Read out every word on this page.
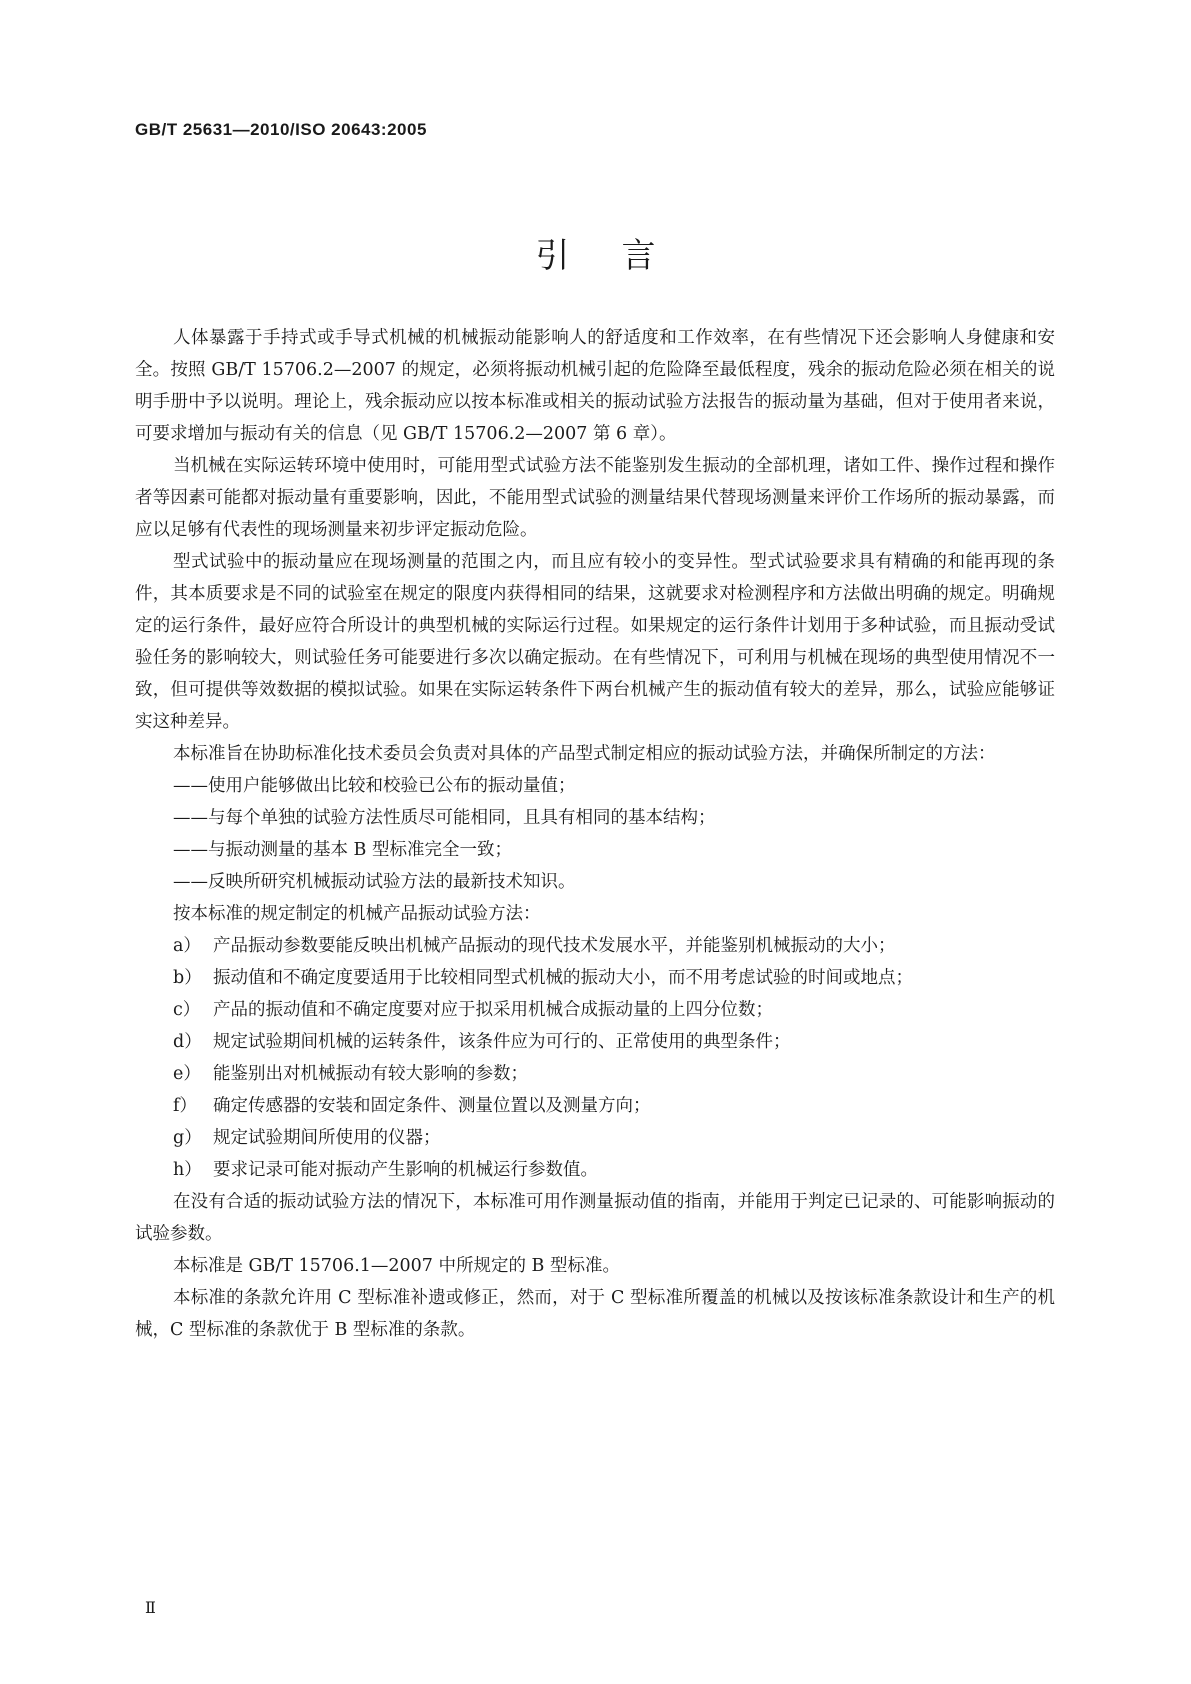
GB/T 25631—2010/ISO 20643:2005
引言

人体暴露于手持式或手导式机械的机械振动能影响人的舒适度和工作效率，在有些情况下还会影响人身健康和安全。按照 GB/T 15706.2—2007 的规定，必须将振动机械引起的危险降至最低程度，残余的振动危险必须在相关的说明手册中予以说明。理论上，残余振动应以按本标准或相关的振动试验方法报告的振动量为基础，但对于使用者来说，可要求增加与振动有关的信息（见 GB/T 15706.2—2007 第 6 章）。

当机械在实际运转环境中使用时，可能用型式试验方法不能鉴别发生振动的全部机理，诸如工件、操作过程和操作者等因素可能都对振动量有重要影响，因此，不能用型式试验的测量结果代替现场测量来评价工作场所的振动暴露，而应以足够有代表性的现场测量来初步评定振动危险。

型式试验中的振动量应在现场测量的范围之内，而且应有较小的变异性。型式试验要求具有精确的和能再现的条件，其本质要求是不同的试验室在规定的限度内获得相同的结果，这就要求对检测程序和方法做出明确的规定。明确规定的运行条件，最好应符合所设计的典型机械的实际运行过程。如果规定的运行条件计划用于多种试验，而且振动受试验任务的影响较大，则试验任务可能要进行多次以确定振动。在有些情况下，可利用与机械在现场的典型使用情况不一致，但可提供等效数据的模拟试验。如果在实际运转条件下两台机械产生的振动值有较大的差异，那么，试验应能够证实这种差异。

本标准旨在协助标准化技术委员会负责对具体的产品型式制定相应的振动试验方法，并确保所制定的方法：

——使用户能够做出比较和校验已公布的振动量值；

——与每个单独的试验方法性质尽可能相同，且具有相同的基本结构；

——与振动测量的基本 B 型标准完全一致；

——反映所研究机械振动试验方法的最新技术知识。

按本标准的规定制定的机械产品振动试验方法：

a） 产品振动参数要能反映出机械产品振动的现代技术发展水平，并能鉴别机械振动的大小；

b） 振动值和不确定度要适用于比较相同型式机械的振动大小，而不用考虑试验的时间或地点；

c） 产品的振动值和不确定度要对应于拟采用机械合成振动量的上四分位数；

d） 规定试验期间机械的运转条件，该条件应为可行的、正常使用的典型条件；

e） 能鉴别出对机械振动有较大影响的参数；

f） 确定传感器的安装和固定条件、测量位置以及测量方向；

g） 规定试验期间所使用的仪器；

h） 要求记录可能对振动产生影响的机械运行参数值。

在没有合适的振动试验方法的情况下，本标准可用作测量振动值的指南，并能用于判定已记录的、可能影响振动的试验参数。

本标准是 GB/T 15706.1—2007 中所规定的 B 型标准。

本标准的条款允许用 C 型标准补遗或修正，然而，对于 C 型标准所覆盖的机械以及按该标准条款设计和生产的机械，C 型标准的条款优于 B 型标准的条款。

Ⅱ
